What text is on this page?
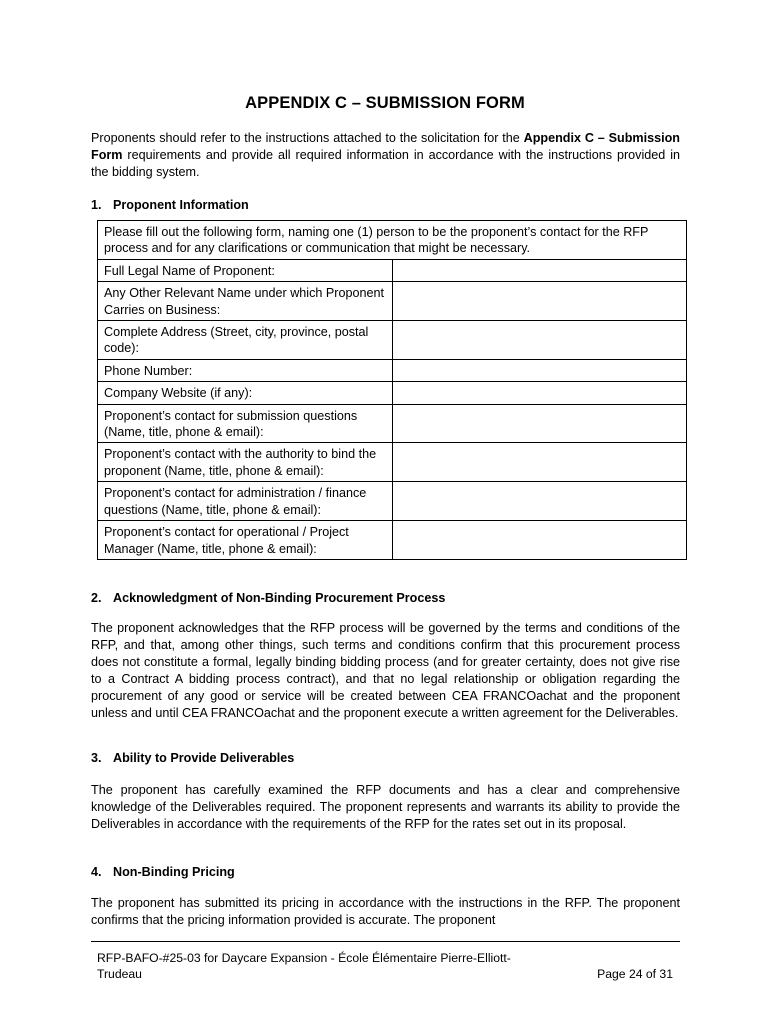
APPENDIX C – SUBMISSION FORM
Proponents should refer to the instructions attached to the solicitation for the Appendix C – Submission Form requirements and provide all required information in accordance with the instructions provided in the bidding system.
1. Proponent Information
Please fill out the following form, naming one (1) person to be the proponent’s contact for the RFP process and for any clarifications or communication that might be necessary.	
Full Legal Name of Proponent:	
Any Other Relevant Name under which Proponent Carries on Business:	
Complete Address (Street, city, province, postal code):	
Phone Number:	
Company Website (if any):	
Proponent’s contact for submission questions (Name, title, phone & email):	
Proponent’s contact with the authority to bind the proponent (Name, title, phone & email):	
Proponent’s contact for administration / finance questions (Name, title, phone & email):	
Proponent’s contact for operational / Project Manager (Name, title, phone & email):	
2. Acknowledgment of Non-Binding Procurement Process
The proponent acknowledges that the RFP process will be governed by the terms and conditions of the RFP, and that, among other things, such terms and conditions confirm that this procurement process does not constitute a formal, legally binding bidding process (and for greater certainty, does not give rise to a Contract A bidding process contract), and that no legal relationship or obligation regarding the procurement of any good or service will be created between CEA FRANCOachat and the proponent unless and until CEA FRANCOachat and the proponent execute a written agreement for the Deliverables.
3. Ability to Provide Deliverables
The proponent has carefully examined the RFP documents and has a clear and comprehensive knowledge of the Deliverables required. The proponent represents and warrants its ability to provide the Deliverables in accordance with the requirements of the RFP for the rates set out in its proposal.
4. Non-Binding Pricing
The proponent has submitted its pricing in accordance with the instructions in the RFP. The proponent confirms that the pricing information provided is accurate. The proponent
RFP-BAFO-#25-03 for Daycare Expansion - École Élémentaire Pierre-Elliott-Trudeau	Page 24 of 31
